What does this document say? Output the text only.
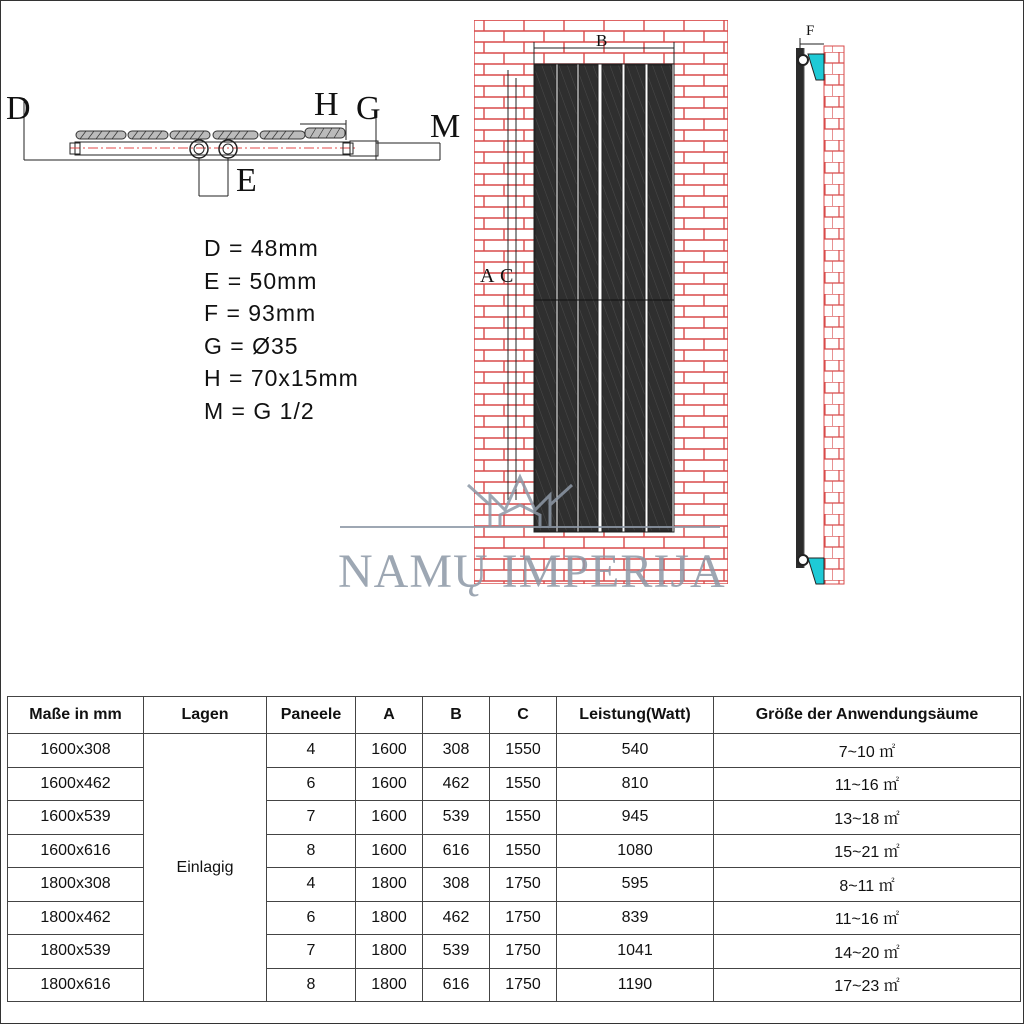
D	H G M
E
D = 48mm
E = 50mm
F = 93mm
G = Ø35
H = 70x15mm
M = G 1/2
B
A C
F
NAMŲ IMPERIJA
Maße in mm	Lagen	Paneele	A	B	C	Leistung(Watt)	Größe der Anwendungsäume
1600x308	Einlagig	4	1600	308	1550	540	7~10 ㎡
1600x462		6	1600	462	1550	810	11~16 ㎡
1600x539		7	1600	539	1550	945	13~18 ㎡
1600x616		8	1600	616	1550	1080	15~21 ㎡
1800x308		4	1800	308	1750	595	8~11 ㎡
1800x462		6	1800	462	1750	839	11~16 ㎡
1800x539		7	1800	539	1750	1041	14~20 ㎡
1800x616		8	1800	616	1750	1190	17~23 ㎡
